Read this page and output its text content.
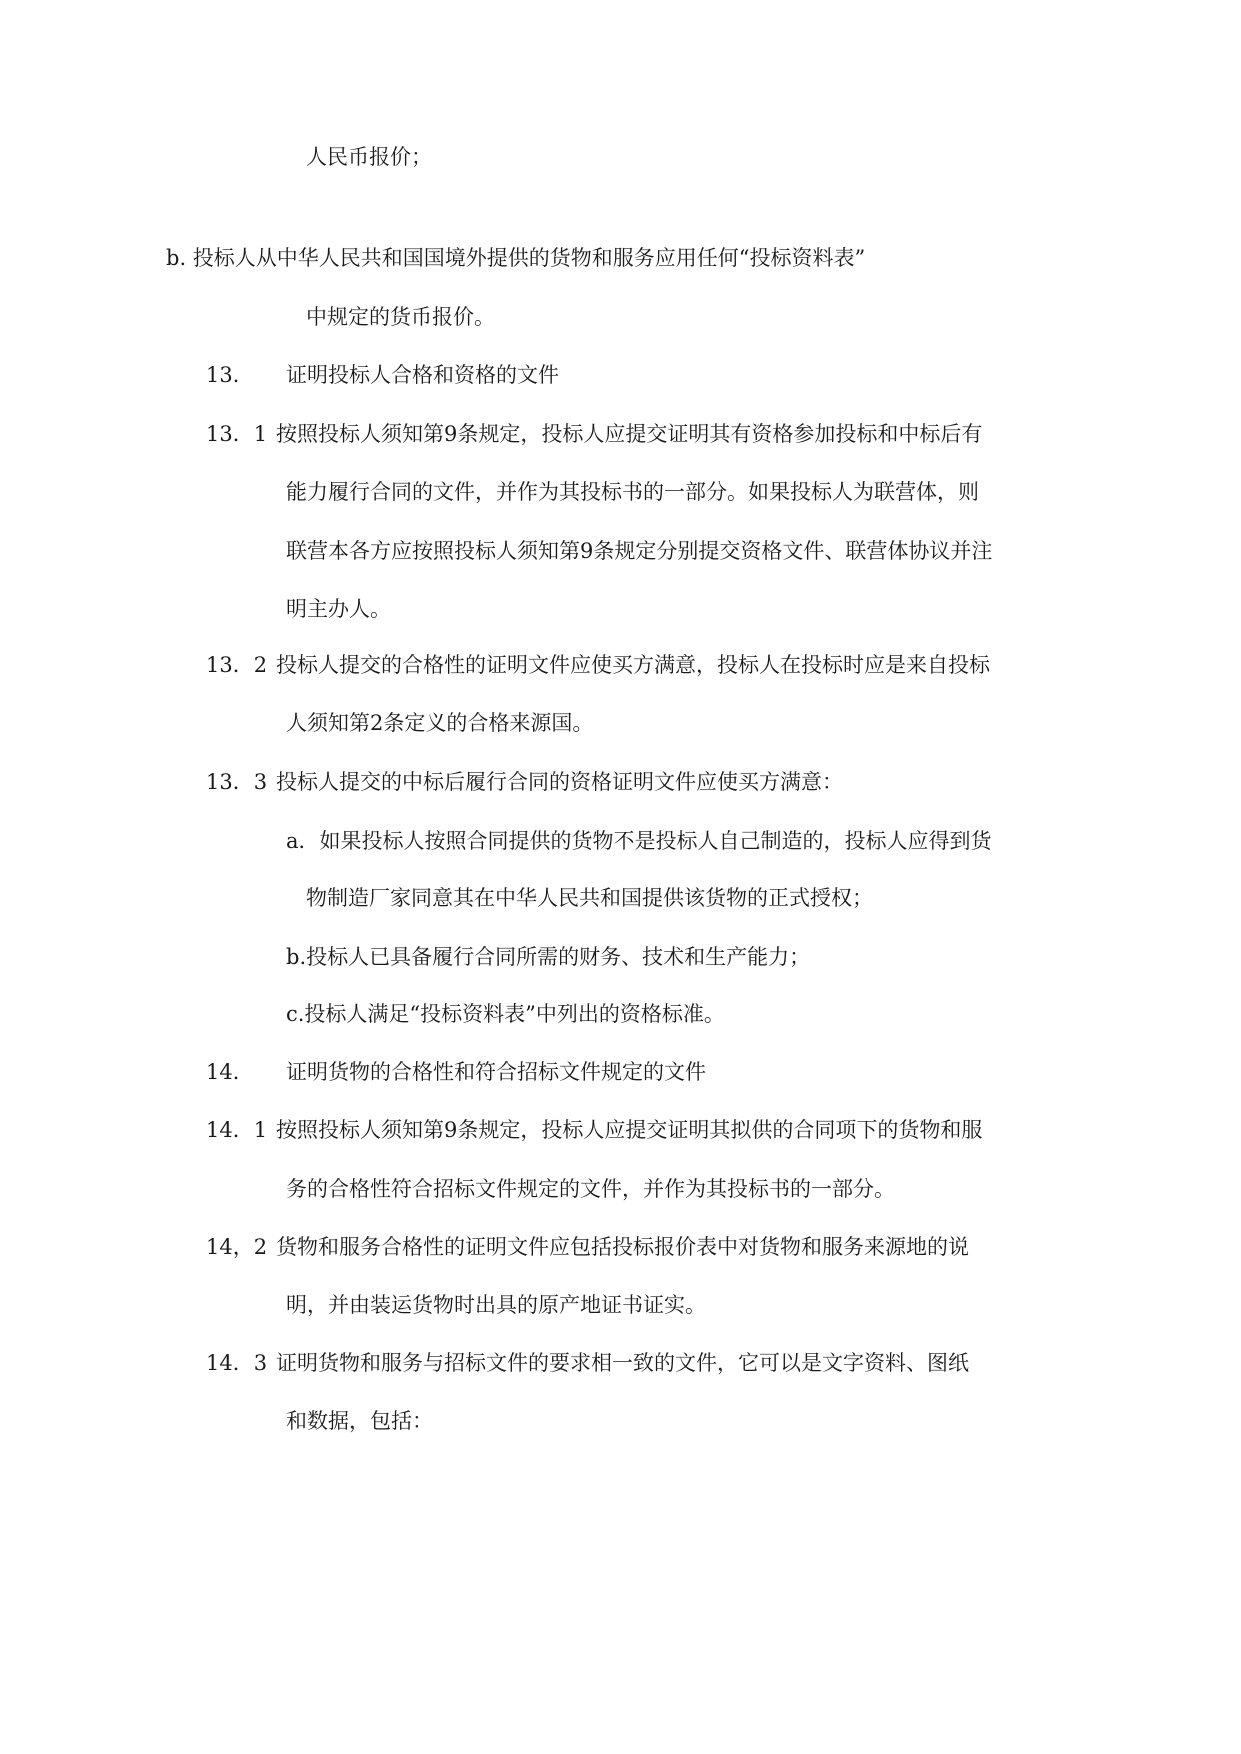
人民币报价；
b. 投标人从中华人民共和国国境外提供的货物和服务应用任何“投标资料表”
中规定的货币报价。
13． 证明投标人合格和资格的文件
13．1 按照投标人须知第9条规定，投标人应提交证明其有资格参加投标和中标后有
能力履行合同的文件，并作为其投标书的一部分。如果投标人为联营体，则
联营本各方应按照投标人须知第9条规定分别提交资格文件、联营体协议并注
明主办人。
13．2 投标人提交的合格性的证明文件应使买方满意，投标人在投标时应是来自投标
人须知第2条定义的合格来源国。
13．3 投标人提交的中标后履行合同的资格证明文件应使买方满意：
a．如果投标人按照合同提供的货物不是投标人自己制造的，投标人应得到货
物制造厂家同意其在中华人民共和国提供该货物的正式授权；
b.投标人已具备履行合同所需的财务、技术和生产能力；
c.投标人满足“投标资料表”中列出的资格标准。
14． 证明货物的合格性和符合招标文件规定的文件
14．1 按照投标人须知第9条规定，投标人应提交证明其拟供的合同项下的货物和服
务的合格性符合招标文件规定的文件，并作为其投标书的一部分。
14，2 货物和服务合格性的证明文件应包括投标报价表中对货物和服务来源地的说
明，并由装运货物时出具的原产地证书证实。
14．3 证明货物和服务与招标文件的要求相一致的文件，它可以是文字资料、图纸
和数据，包括：
